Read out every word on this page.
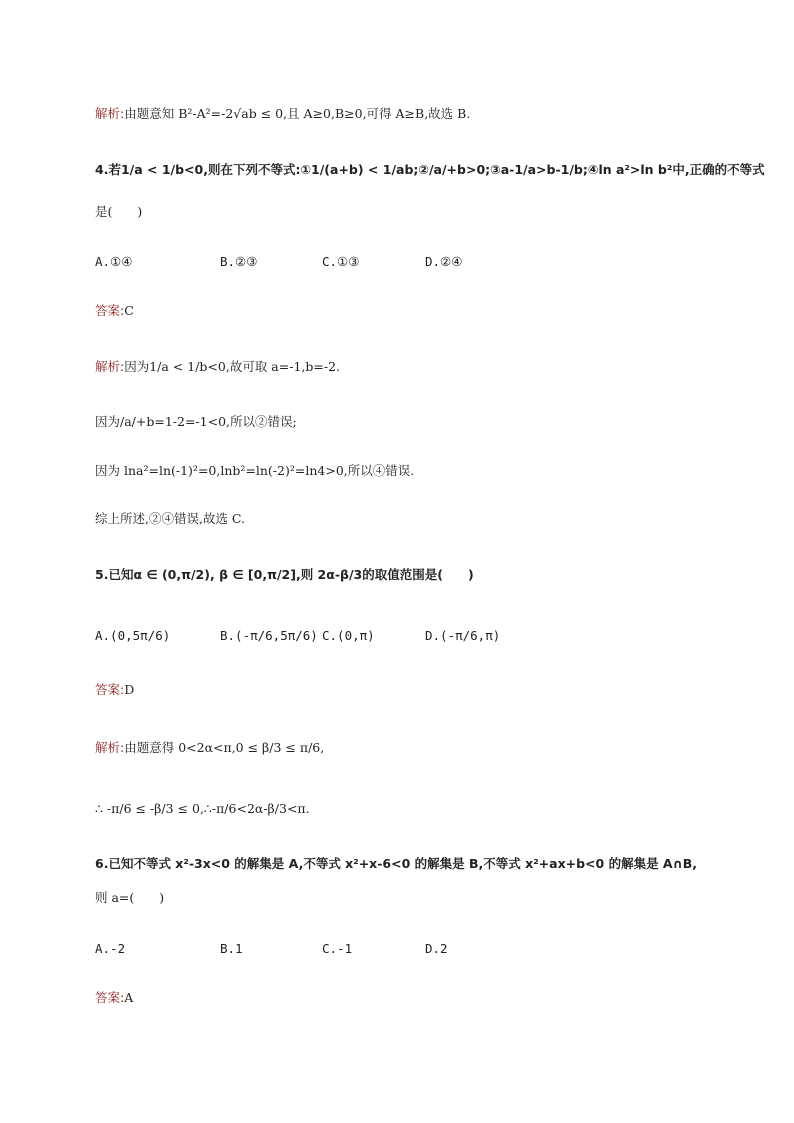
解析:由题意知 B²-A²=-2√ab ≤ 0,且 A≥0,B≥0,可得 A≥B,故选 B.
4.若1/a < 1/b<0,则在下列不等式:①1/(a+b) < 1/ab;②/a/+b>0;③a-1/a>b-1/b;④ln a²>ln b²中,正确的不等式
是(　　)
A.①④	B.②③	C.①③	D.②④
答案:C
解析:因为1/a < 1/b<0,故可取 a=-1,b=-2.
因为/a/+b=1-2=-1<0,所以②错误;
因为 lna²=ln(-1)²=0,lnb²=ln(-2)²=ln4>0,所以④错误.
综上所述,②④错误,故选 C.
5.已知α ∈ (0,π/2), β ∈ [0,π/2],则 2α-β/3的取值范围是(　　)
A.(0,5π/6)	B.(-π/6,5π/6) C.(0,π)	D.(-π/6,π)
答案:D
解析:由题意得 0<2α<π,0 ≤ β/3 ≤ π/6,
∴ -π/6 ≤ -β/3 ≤ 0,∴-π/6<2α-β/3<π.
6.已知不等式 x²-3x<0 的解集是 A,不等式 x²+x-6<0 的解集是 B,不等式 x²+ax+b<0 的解集是 A∩B,
则 a=(　　)
A.-2	B.1	C.-1	D.2
答案:A
